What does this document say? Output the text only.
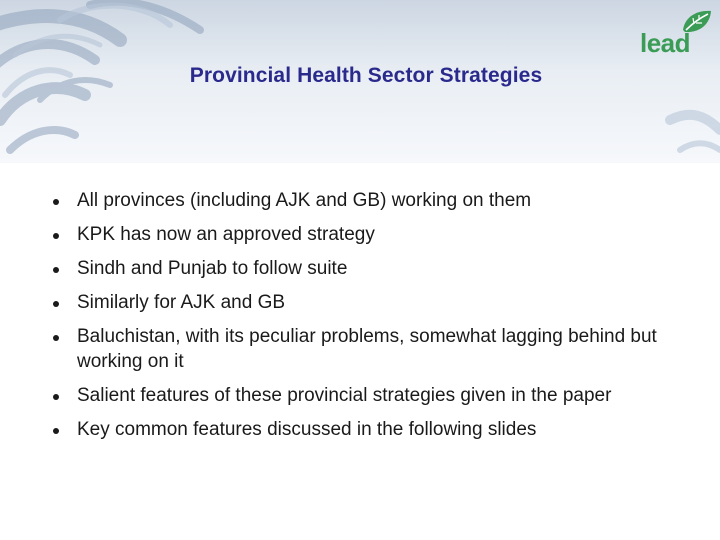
lead
Provincial Health Sector Strategies
All provinces (including AJK and GB) working on them
KPK has now an approved strategy
Sindh and Punjab to follow suite
Similarly for AJK and GB
Baluchistan, with its peculiar problems, somewhat lagging behind but working on it
Salient features of these provincial strategies given in the paper
Key common features discussed in the following slides
